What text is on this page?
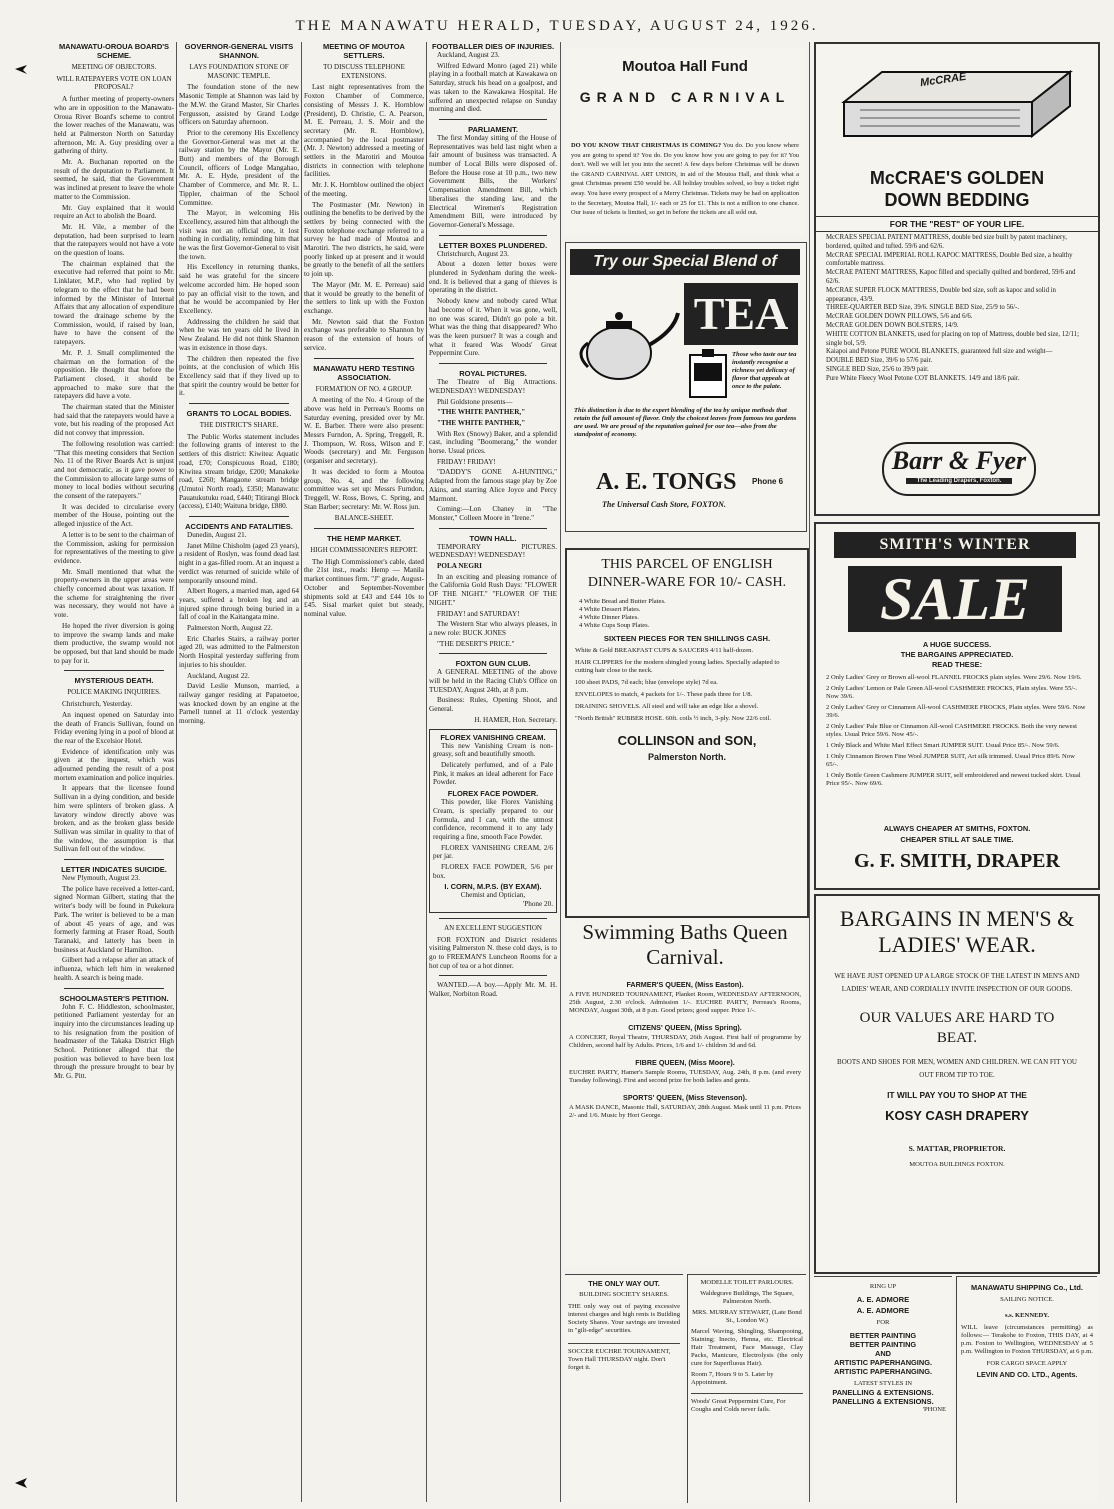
THE MANAWATU HERALD, TUESDAY, AUGUST 24, 1926.
MANAWATU-OROUA BOARD'S SCHEME.
MEETING OF OBJECTORS.
WILL RATEPAYERS VOTE ON LOAN PROPOSAL?

A further meeting of property-owners who are in opposition to the Manawatu-Oroua River Board's scheme to control the lower reaches of the Manawatu, was held at Palmerston North on Saturday afternoon, Mr. A. Guy presiding over a gathering of thirty.

Mr. A. Buchanan reported on the result of the deputation to Parliament. It seemed, he said, that the Government was inclined at present to leave the whole matter to the Commission.

Mr. Guy explained that it would require an Act to abolish the Board.

Mr. H. Vile, a member of the deputation, had been surprised to learn that the ratepayers would not have a vote on the question of loans.

The chairman explained that the executive had referred that point to Mr. Linklater, M.P., who had replied by telegram to the effect that he had been informed by the Minister of Internal Affairs that any allocation of expenditure toward the drainage scheme by the Commission, would, if raised by loan, have to have the consent of the ratepayers.

Mr. P. J. Small complimented the chairman on the formation of the opposition. He thought that before the Parliament closed, it should be approached to make sure that the ratepayers did have a vote.

The chairman stated that the Minister had said that the ratepayers would have a vote, but his reading of the proposed Act did not convey that impression.

The following resolution was carried: "That this meeting considers that Section No. 11 of the River Boards Act is unjust and not democratic, as it gave power to the Commission to allocate large sums of money to local bodies without securing the consent of the ratepayers."

It was decided to circularise every member of the House, pointing out the alleged injustice of the Act.

A letter is to be sent to the chairman of the Commission, asking for permission for representatives of the meeting to give evidence.

Mr. Small mentioned that what the property-owners in the upper areas were chiefly concerned about was taxation. If the scheme for straightening the river was necessary, they would not have a vote.

He hoped the river diversion is going to improve the swamp lands and make them productive, the swamp would not be opposed, but that land should be made to pay for it.

MYSTERIOUS DEATH.
POLICE MAKING INQUIRIES.

Christchurch, Yesterday.

An inquest opened on Saturday into the death of Francis Sullivan, found on Friday evening lying in a pool of blood at the rear of the Excelsior Hotel.

Evidence of identification only was given at the inquest, which was adjourned pending the result of a post mortem examination and police inquiries.

It appears that the licensee found Sullivan in a dying condition, and beside him were splinters of broken glass. A lavatory window directly above was broken, and as the broken glass beside Sullivan was similar in quality to that of the window, the assumption is that Sullivan fell out of the window.

LETTER INDICATES SUICIDE.

New Plymouth, August 23.

The police have received a letter-card, signed Norman Gilbert, stating that the writer's body will be found in Pukekura Park. The writer is believed to be a man of about 45 years of age, and was formerly farming at Fraser Road, South Taranaki, and latterly has been in business at Auckland or Hamilton.

Gilbert had a relapse after an attack of influenza, which left him in weakened health. A search is being made.

SCHOOLMASTER'S PETITION.

John F. C. Hiddleston, schoolmaster, petitioned Parliament yesterday for an inquiry into the circumstances leading up to his resignation from the position of headmaster of the Takaka District High School. Petitioner alleged that the position was believed to have been lost through the pressure brought to bear by Mr. G. Pitt.

GOVERNOR-GENERAL VISITS SHANNON.
LAYS FOUNDATION STONE OF MASONIC TEMPLE.

The foundation stone of the new Masonic Temple at Shannon was laid by the M.W. the Grand Master, Sir Charles Fergusson, assisted by Grand Lodge officers on Saturday afternoon.

Prior to the ceremony His Excellency the Governor-General was met at the railway station by the Mayor (Mr. E. Butt) and members of the Borough Council, officers of Lodge Mangahao, Mr. A. E. Hyde, president of the Chamber of Commerce, and Mr. R. L. Tippler, chairman of the School Committee.

The Mayor, in welcoming His Excellency, assured him that although the visit was not an official one, it lost nothing in cordiality, reminding him that he was the first Governor-General to visit the town.

His Excellency in returning thanks, said he was grateful for the sincere welcome accorded him. He hoped soon to pay an official visit to the town, and that he would be accompanied by Her Excellency.

Addressing the children he said that when he was ten years old he lived in New Zealand. He did not think Shannon was in existence in those days.

The children then repeated the five points, at the conclusion of which His Excellency said that if they lived up to that spirit the country would be better for it.

GRANTS TO LOCAL BODIES.
THE DISTRICT'S SHARE.

The Public Works statement includes the following grants of interest to the settlers of this district: Kiwitea: Aquatic road, £70; Conspicuous Road, £180; Kiwitea stream bridge, £200; Manakeke road, £260; Mangaone stream bridge (Umutoi North road), £350; Manawatu: Pauatukutuku road, £440; Titirangi Block (access), £140; Waituna bridge, £880.

ACCIDENTS AND FATALITIES.

Dunedin, August 21.

Janet Milne Chisholm (aged 23 years), a resident of Roslyn, was found dead last night in a gas-filled room. At an inquest a verdict was returned of suicide while of temporarily unsound mind.

Albert Rogers, a married man, aged 64 years, suffered a broken leg and an injured spine through being buried in a fall of coal in the Kaitangata mine.

Palmerston North, August 22.

Eric Charles Stairs, a railway porter aged 20, was admitted to the Palmerston North Hospital yesterday suffering from injuries to his shoulder.

Auckland, August 22.

David Leslie Munson, married, a railway ganger residing at Papatoetoe, was knocked down by an engine at the Parnell tunnel at 11 o'clock yesterday morning.

MEETING OF MOUTOA SETTLERS.
TO DISCUSS TELEPHONE EXTENSIONS.

Last night representatives from the Foxton Chamber of Commerce, consisting of Messrs J. K. Hornblow (President), D. Christie, C. A. Pearson, M. E. Perreau, J. S. Moir and the secretary (Mr. R. Hornblow), accompanied by the local postmaster (Mr. J. Newton) addressed a meeting of settlers in the Marotiri and Moutoa districts in connection with telephone facilities.

Mr. J. K. Hornblow outlined the object of the meeting.

The Postmaster (Mr. Newton) in outlining the benefits to be derived by the settlers by being connected with the Foxton telephone exchange referred to a survey he had made of Moutoa and Marotiri. The two districts, he said, were poorly linked up at present and it would be greatly to the benefit of all the settlers to join up.

The Mayor (Mr. M. E. Perreau) said that it would be greatly to the benefit of the settlers to link up with the Foxton exchange.

Mr. Newton said that the Foxton exchange was preferable to Shannon by reason of the extension of hours of service.

MANAWATU HERD TESTING ASSOCIATION.
FORMATION OF NO. 4 GROUP.

A meeting of the No. 4 Group of the above was held in Perreau's Rooms on Saturday evening, presided over by Mr. W. E. Barber. There were also present: Messrs Furndon, A. Spring, Treggell, R. J. Thompson, W. Ross, Wilson and F. Woods (secretary) and Mr. Ferguson (organiser and secretary).

It was decided to form a Moutoa group, No. 4, and the following committee was set up: Messrs Furndon, Treggell, W. Ross, Bows, C. Spring, and Stan Barber; secretary: Mr. W. Ross jun.

BALANCE-SHEET.
THE HEMP MARKET.
HIGH COMMISSIONER'S REPORT.

The High Commissioner's cable, dated the 21st inst., reads: Hemp — Manila market continues firm. "J" grade, August-October and September-November shipments sold at £43 and £44 10s to £45. Sisal market quiet but steady, nominal value.

FOOTBALLER DIES OF INJURIES.

Auckland, August 23.

Wilfred Edward Monro (aged 21) while playing in a football match at Kawakawa on Saturday, struck his head on a goalpost, and was taken to the Kawakawa Hospital. He suffered an unexpected relapse on Sunday morning and died.

PARLIAMENT.

The first Monday sitting of the House of Representatives was held last night when a fair amount of business was transacted. A number of Local Bills were disposed of. Before the House rose at 10 p.m., two new Government Bills, the Workers' Compensation Amendment Bill, which liberalises the standing law, and the Electrical Wiremen's Registration Amendment Bill, were introduced by Governor-General's Message.

LETTER BOXES PLUNDERED.

Christchurch, August 23.

About a dozen letter boxes were plundered in Sydenham during the week-end. It is believed that a gang of thieves is operating in the district.

Nobody knew and nobody cared What had become of it. When it was gone, well, no one was scared, Didn't go pole a bit. What was the thing that disappeared? Who was the keen pursuer? It was a cough and what it feared Was Woods' Great Peppermint Cure.

ROYAL PICTURES.

The Theatre of Big Attractions. WEDNESDAY! WEDNESDAY!

Phil Goldstone presents—

"THE WHITE PANTHER,"

"THE WHITE PANTHER,"

With Rex (Snowy) Baker, and a splendid cast, including "Boomerang," the wonder horse. Usual prices.

FRIDAY! FRIDAY!

"DADDY'S GONE A-HUNTING," Adapted from the famous stage play by Zoe Akins, and starring Alice Joyce and Percy Marmont.

Coming:—Lon Chaney in "The Monster," Colleen Moore in "Irene."

TOWN HALL.

TEMPORARY PICTURES. WEDNESDAY! WEDNESDAY!

POLA NEGRI

In an exciting and pleasing romance of the California Gold Rush Days: "FLOWER OF THE NIGHT." "FLOWER OF THE NIGHT."

FRIDAY! and SATURDAY!

The Western Star who always pleases, in a new role: BUCK JONES

"THE DESERT'S PRICE."

FOXTON GUN CLUB.

A GENERAL MEETING of the above will be held in the Racing Club's Office on TUESDAY, August 24th, at 8 p.m.

Business: Rules, Opening Shoot, and General.

H. HAMER, Hon. Secretary.

FLOREX VANISHING CREAM.

This new Vanishing Cream is non-greasy, soft and beautifully smooth.

Delicately perfumed, and of a Pale Pink, it makes an ideal adherent for Face Powder.

FLOREX FACE POWDER.

This powder, like Florex Vanishing Cream, is specially prepared to our Formula, and I can, with the utmost confidence, recommend it to any lady requiring a fine, smooth Face Powder.

FLOREX VANISHING CREAM, 2/6 per jar.

FLOREX FACE POWDER, 5/6 per box.

I. CORN, M.P.S. (BY EXAM).
Chemist and Optician,
'Phone 20.
AN EXCELLENT SUGGESTION

FOR FOXTON and District residents visiting Palmerston N. these cold days, is to go to FREEMAN'S Luncheon Rooms for a hot cup of tea or a hot dinner.

WANTED.—A boy.—Apply Mr. M. H. Walker, Norbiton Road.

Moutoa Hall Fund
GRAND CARNIVAL
DO YOU KNOW THAT CHRISTMAS IS COMING? You do. Do you know where you are going to spend it? You do. Do you know how you are going to pay for it? You don't. Well we will let you into the secret! A few days before Christmas will be drawn the GRAND CARNIVAL ART UNION, in aid of the Moutoa Hall, and think what a great Christmas present £50 would be. All holiday troubles solved, so buy a ticket right away. You have every prospect of a Merry Christmas. Tickets may be had on application to the Secretary, Moutoa Hall, 1/- each or 25 for £1. This is not a million to one chance. Our issue of tickets is limited, so get in before the tickets are all sold out.
Try our Special Blend of
TEA
Those who taste our tea instantly recognise a richness yet delicacy of flavor that appeals at once to the palate.
This distinction is due to the expert blending of the tea by unique methods that retain the full amount of flavor. Only the choicest leaves from famous tea gardens are used. We are proud of the reputation gained for our tea—also from the standpoint of economy.
A. E. TONGS Phone 6
The Universal Cash Store, FOXTON.
THIS PARCEL OF ENGLISH DINNER-WARE FOR 10/- CASH.
4 White Bread and Butter Plates.
4 White Dessert Plates.
4 White Dinner Plates.
4 White Cups Soup Plates.
SIXTEEN PIECES FOR TEN SHILLINGS CASH.
White & Gold BREAKFAST CUPS & SAUCERS 4/11 half-dozen.
HAIR CLIPPERS for the modern shingled young ladies. Specially adapted to cutting hair close to the neck.
100 sheet PADS, 7d each; blue (envelope style) 7d ea.
ENVELOPES to match, 4 packets for 1/-. These pads three for 1/8.
DRAINING SHOVELS. All steel and will take an edge like a shovel.
"North British" RUBBER HOSE. 60ft. coils ½ inch, 3-ply. Now 22/6 coil.
COLLINSON and SON,
Palmerston North.
Swimming Baths Queen Carnival.
FARMER'S QUEEN, (Miss Easton).
A FIVE HUNDRED TOURNAMENT, Planket Room, WEDNESDAY AFTERNOON, 25th August, 2.30 o'clock. Admission 1/-. EUCHRE PARTY, Perreau's Rooms, MONDAY, August 30th, at 8 p.m. Good prizes; good supper. Price 1/-.
CITIZENS' QUEEN, (Miss Spring).
A CONCERT, Royal Theatre, THURSDAY, 26th August. First half of programme by Children, second half by Adults. Prices, 1/6 and 1/- children 3d and 6d.
FIBRE QUEEN, (Miss Moore).
EUCHRE PARTY, Hamer's Sample Rooms, TUESDAY, Aug. 24th, 8 p.m. (and every Tuesday following). First and second prize for both ladies and gents.
SPORTS' QUEEN, (Miss Stevenson).
A MASK DANCE, Masonic Hall, SATURDAY, 28th August. Mask until 11 p.m. Prices 2/- and 1/6. Music by Hori George.
THE ONLY WAY OUT.
BUILDING SOCIETY SHARES.
THE only way out of paying excessive interest charges and high rents is Building Society Shares. Your savings are invested in "gilt-edge" securities.
SOCCER EUCHRE TOURNAMENT, Town Hall THURSDAY night. Don't forget it.
MODELLE TOILET PARLOURS.
Waldegrave Buildings, The Square, Palmerston North.
MRS. MURRAY STEWART, (Late Bond St., London W.)
Marcel Waving, Shingling, Shampooing, Staining; Inecto, Henna, etc. Electrical Hair Treatment, Face Massage, Clay Packs, Manicure, Electrolysis (the only cure for Superfluous Hair).
Room 7, Hours 9 to 5. Later by Appointment.
Woods' Great Peppermint Cure, For Coughs and Colds never fails.
McCRAE
McCRAE'S GOLDEN
DOWN BEDDING
FOR THE "REST" OF YOUR LIFE.
McCRAES SPECIAL PATENT MATTRESS, double bed size built by patent machinery, bordered, quilted and tufted. 59/6 and 62/6.
McCRAE SPECIAL IMPERIAL ROLL KAPOC MATTRESS, Double Bed size, a healthy comfortable mattress.
McCRAE PATENT MATTRESS, Kapoc filled and specially quilted and bordered, 59/6 and 62/6.
McCRAE SUPER FLOCK MATTRESS, Double bed size, soft as kapoc and solid in appearance, 43/9.
THREE-QUARTER BED Size, 39/6. SINGLE BED Size, 25/9 to 56/-.
McCRAE GOLDEN DOWN PILLOWS, 5/6 and 6/6.
McCRAE GOLDEN DOWN BOLSTERS, 14/9.
WHITE COTTON BLANKETS, used for placing on top of Mattress, double bed size, 12/11; single bol, 5/9.
Kaiapoi and Petone PURE WOOL BLANKETS, guaranteed full size and weight—
DOUBLE BED Size, 39/6 to 57/6 pair.
SINGLE BED Size, 25/6 to 39/9 pair.
Pure White Fleecy Wool Petone COT BLANKETS. 14/9 and 18/6 pair.
Barr & Fyer
The Leading Drapers, Foxton.
SMITH'S WINTER
SALE
A HUGE SUCCESS.
THE BARGAINS APPRECIATED.
READ THESE:
2 Only Ladies' Grey or Brown all-wool FLANNEL FROCKS plain styles. Were 29/6. Now 19/6.
2 Only Ladies' Lemon or Pale Green All-wool CASHMERE FROCKS, Plain styles. Were 55/-. Now 39/6.
2 Only Ladies' Grey or Cinnamon All-wool CASHMERE FROCKS, Plain styles. Were 59/6. Now 39/6.
2 Only Ladies' Pale Blue or Cinnamon All-wool CASHMERE FROCKS. Both the very newest styles. Usual Price 59/6. Now 45/-.
1 Only Black and White Marl Effect Smart JUMPER SUIT. Usual Price 85/-. Now 59/6.
1 Only Cinnamon Brown Fine Wool JUMPER SUIT, Art silk trimmed. Usual Price 89/6. Now 65/-.
1 Only Bottle Green Cashmere JUMPER SUIT, self embroidered and newest tucked skirt. Usual Price 95/-. Now 69/6.
ALWAYS CHEAPER AT SMITHS, FOXTON.
CHEAPER STILL AT SALE TIME.
G. F. SMITH, DRAPER
BARGAINS IN MEN'S & LADIES' WEAR.
WE HAVE JUST OPENED UP A LARGE STOCK OF THE LATEST IN MEN'S AND LADIES' WEAR, AND CORDIALLY INVITE INSPECTION OF OUR GOODS.
OUR VALUES ARE HARD TO BEAT.
BOOTS AND SHOES FOR MEN, WOMEN AND CHILDREN. WE CAN FIT YOU OUT FROM TIP TO TOE.
IT WILL PAY YOU TO SHOP AT THE
KOSY CASH DRAPERY
S. MATTAR, PROPRIETOR.
MOUTOA BUILDINGS FOXTON.
RING UP
A. E. ADMORE
A. E. ADMORE
FOR
BETTER PAINTING
BETTER PAINTING
AND
ARTISTIC PAPERHANGING.
ARTISTIC PAPERHANGING.
LATEST STYLES IN
PANELLING & EXTENSIONS.
PANELLING & EXTENSIONS.
'PHONE
MANAWATU SHIPPING Co., Ltd.
SAILING NOTICE.
s.s. KENNEDY.
WILL leave (circumstances permitting) as follows:— Terakohe to Foxton, THIS DAY, at 4 p.m. Foxton to Wellington, WEDNESDAY at 5 p.m. Wellington to Foxton THURSDAY, at 6 p.m.
FOR CARGO SPACE APPLY
LEVIN AND CO. LTD., Agents.
